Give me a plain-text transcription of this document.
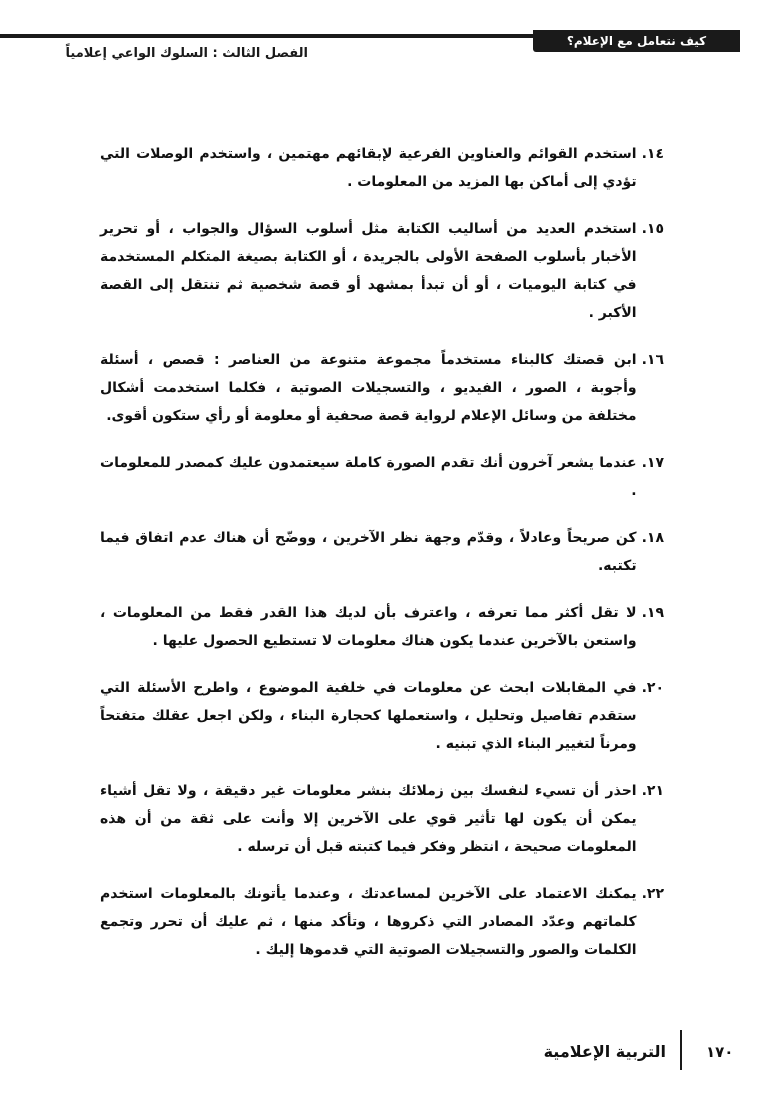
كيف نتعامل مع الإعلام؟
الفصل الثالث : السلوك الواعي إعلامياً
١٤.
استخدم القوائم والعناوين الفرعية لإبقائهم مهتمين ، واستخدم الوصلات التي تؤدي إلى أماكن بها المزيد من المعلومات .
١٥.
استخدم العديد من أساليب الكتابة مثل أسلوب السؤال والجواب ، أو تحرير الأخبار بأسلوب الصفحة الأولى بالجريدة ، أو الكتابة بصيغة المتكلم المستخدمة في كتابة اليوميات ، أو أن تبدأ بمشهد أو قصة شخصية ثم تنتقل إلى القصة الأكبر .
١٦.
ابن قصتك كالبناء مستخدماً مجموعة متنوعة من العناصر : قصص ، أسئلة وأجوبة ، الصور ، الفيديو ، والتسجيلات الصوتية ، فكلما استخدمت أشكال مختلفة من وسائل الإعلام لرواية قصة صحفية أو معلومة أو رأي ستكون أقوى.
١٧.
عندما يشعر آخرون أنك تقدم الصورة كاملة سيعتمدون عليك كمصدر للمعلومات .
١٨.
كن صريحاً وعادلاً ، وقدّم وجهة نظر الآخرين ، ووضّح أن هناك عدم اتفاق فيما تكتبه.
١٩.
لا تقل أكثر مما تعرفه ، واعترف بأن لديك هذا القدر فقط من المعلومات ، واستعن بالآخرين عندما يكون هناك معلومات لا تستطيع الحصول عليها .
٢٠.
في المقابلات ابحث عن معلومات في خلفية الموضوع ، واطرح الأسئلة التي ستقدم تفاصيل وتحليل ، واستعملها كحجارة البناء ، ولكن اجعل عقلك متفتحاً ومرناً لتغيير البناء الذي تبنيه .
٢١.
احذر أن تسيء لنفسك بين زملائك بنشر معلومات غير دقيقة ، ولا تقل أشياء يمكن أن يكون لها تأثير قوي على الآخرين إلا وأنت على ثقة من أن هذه المعلومات صحيحة ، انتظر وفكر فيما كتبته قبل أن ترسله .
٢٢.
يمكنك الاعتماد على الآخرين لمساعدتك ، وعندما يأتونك بالمعلومات استخدم كلماتهم وعدّد المصادر التي ذكروها ، وتأكد منها ، ثم عليك أن تحرر وتجمع الكلمات والصور والتسجيلات الصوتية التي قدموها إليك .
١٧٠
التربية الإعلامية
